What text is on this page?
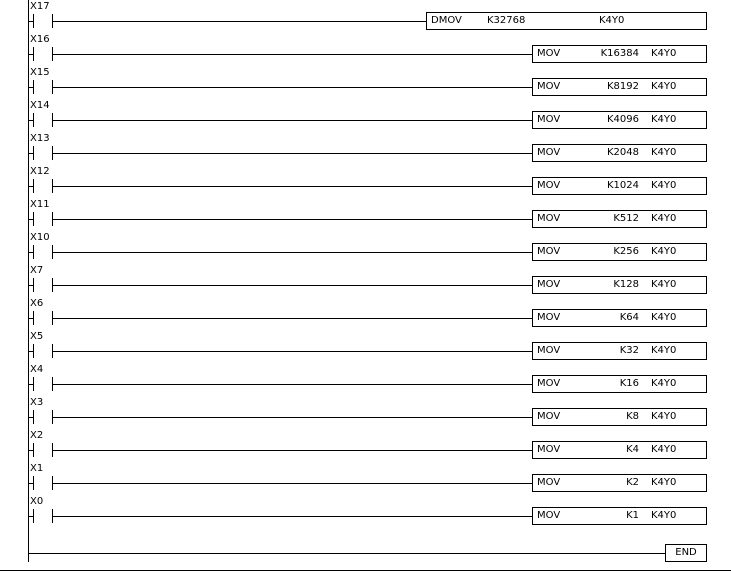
X17
DMOV	K32768	K4Y0
X16
MOV	K16384 K4Y0
X15
MOV	K8192 K4Y0
X14
MOV	K4096 K4Y0
X13
MOV	K2048 K4Y0
X12
MOV	K1024 K4Y0
X11
MOV	K512 K4Y0
X10
MOV	K256 K4Y0
X7
MOV	K128 K4Y0
X6
MOV	K64 K4Y0
X5
MOV	K32 K4Y0
X4
MOV	K16 K4Y0
X3
MOV	K8 K4Y0
X2
MOV	K4 K4Y0
X1
MOV	K2 K4Y0
X0
MOV	K1 K4Y0
END
